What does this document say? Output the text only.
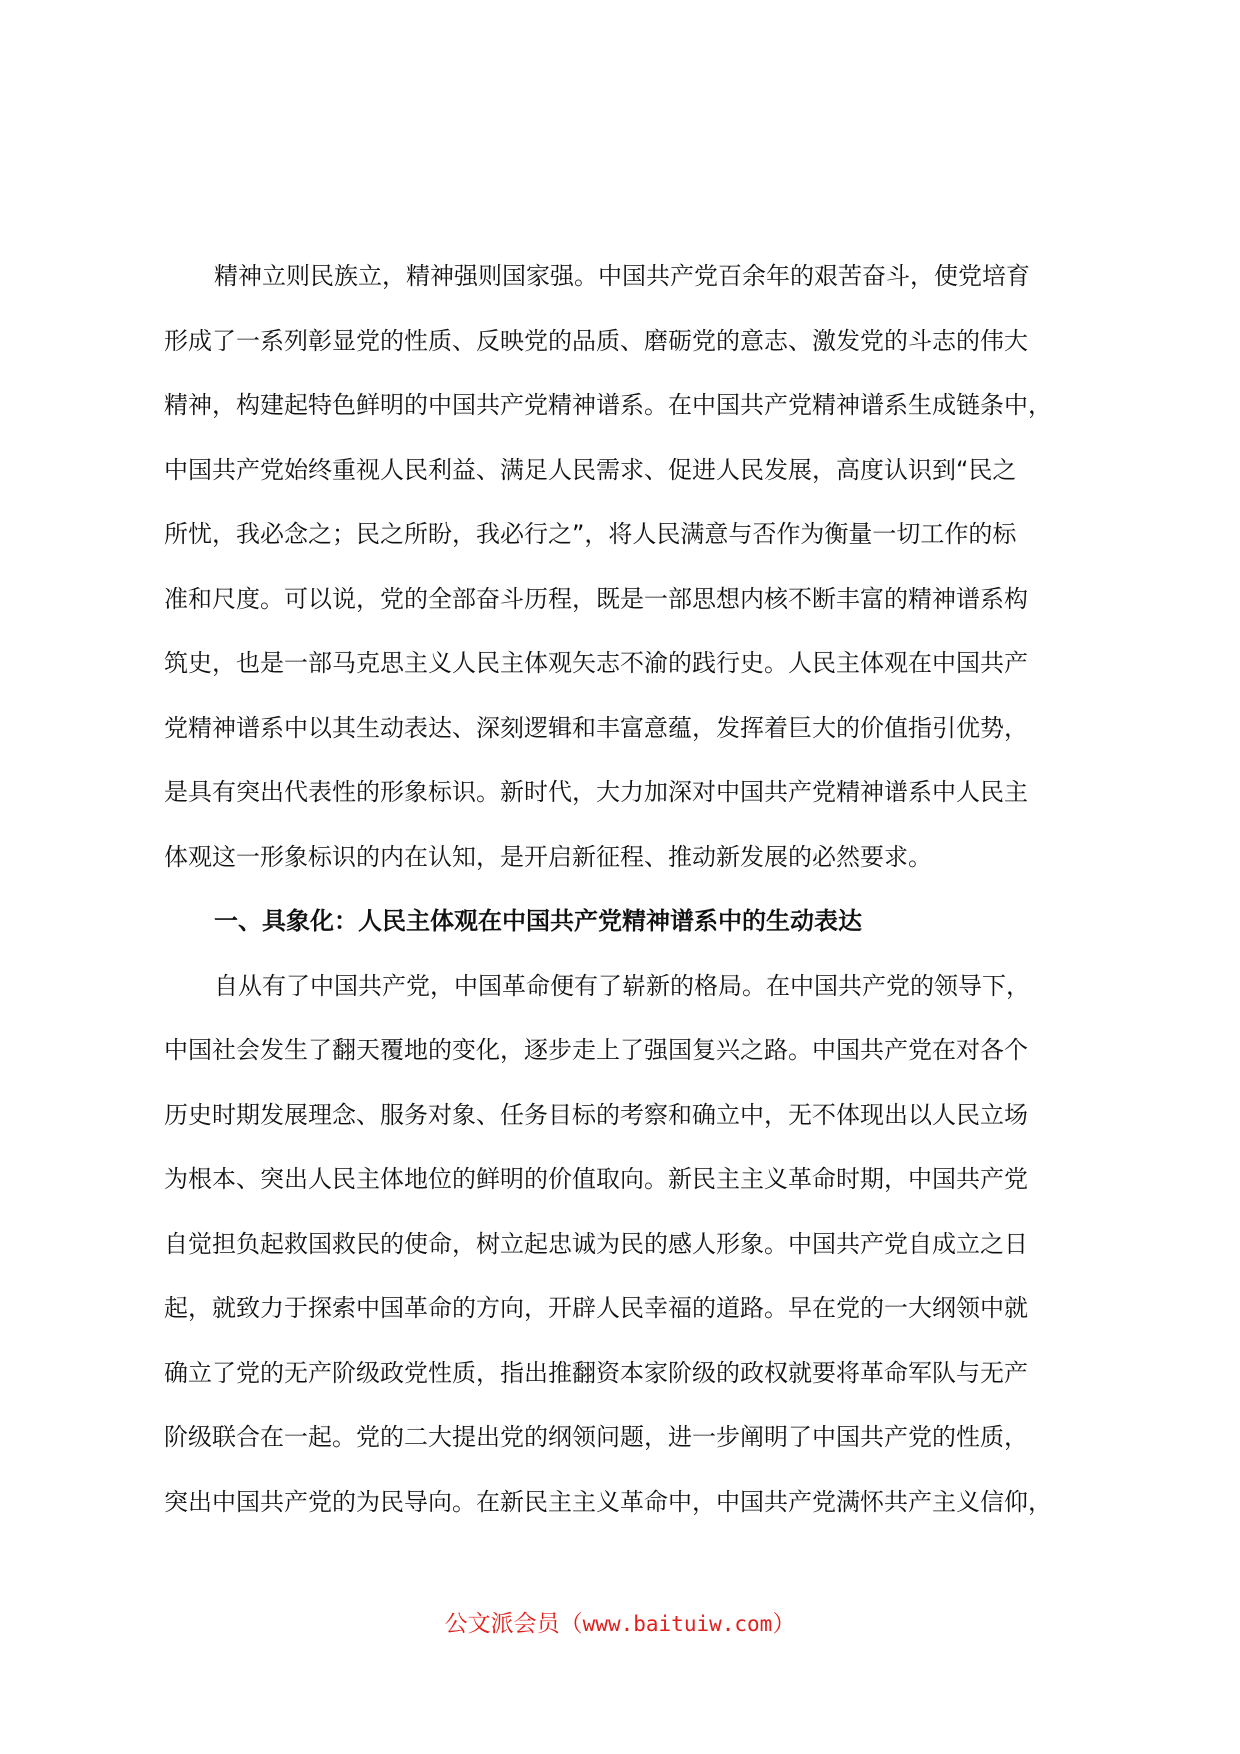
精神立则民族立，精神强则国家强。中国共产党百余年的艰苦奋斗，使党培育
形成了一系列彰显党的性质、反映党的品质、磨砺党的意志、激发党的斗志的伟大
精神，构建起特色鲜明的中国共产党精神谱系。在中国共产党精神谱系生成链条中，
中国共产党始终重视人民利益、满足人民需求、促进人民发展，高度认识到“民之
所忧，我必念之；民之所盼，我必行之”，将人民满意与否作为衡量一切工作的标
准和尺度。可以说，党的全部奋斗历程，既是一部思想内核不断丰富的精神谱系构
筑史，也是一部马克思主义人民主体观矢志不渝的践行史。人民主体观在中国共产
党精神谱系中以其生动表达、深刻逻辑和丰富意蕴，发挥着巨大的价值指引优势，
是具有突出代表性的形象标识。新时代，大力加深对中国共产党精神谱系中人民主
体观这一形象标识的内在认知，是开启新征程、推动新发展的必然要求。
一、具象化：人民主体观在中国共产党精神谱系中的生动表达
自从有了中国共产党，中国革命便有了崭新的格局。在中国共产党的领导下，
中国社会发生了翻天覆地的变化，逐步走上了强国复兴之路。中国共产党在对各个
历史时期发展理念、服务对象、任务目标的考察和确立中，无不体现出以人民立场
为根本、突出人民主体地位的鲜明的价值取向。新民主主义革命时期，中国共产党
自觉担负起救国救民的使命，树立起忠诚为民的感人形象。中国共产党自成立之日
起，就致力于探索中国革命的方向，开辟人民幸福的道路。早在党的一大纲领中就
确立了党的无产阶级政党性质，指出推翻资本家阶级的政权就要将革命军队与无产
阶级联合在一起。党的二大提出党的纲领问题，进一步阐明了中国共产党的性质，
突出中国共产党的为民导向。在新民主主义革命中，中国共产党满怀共产主义信仰，
公文派会员（www.baituiw.com）
